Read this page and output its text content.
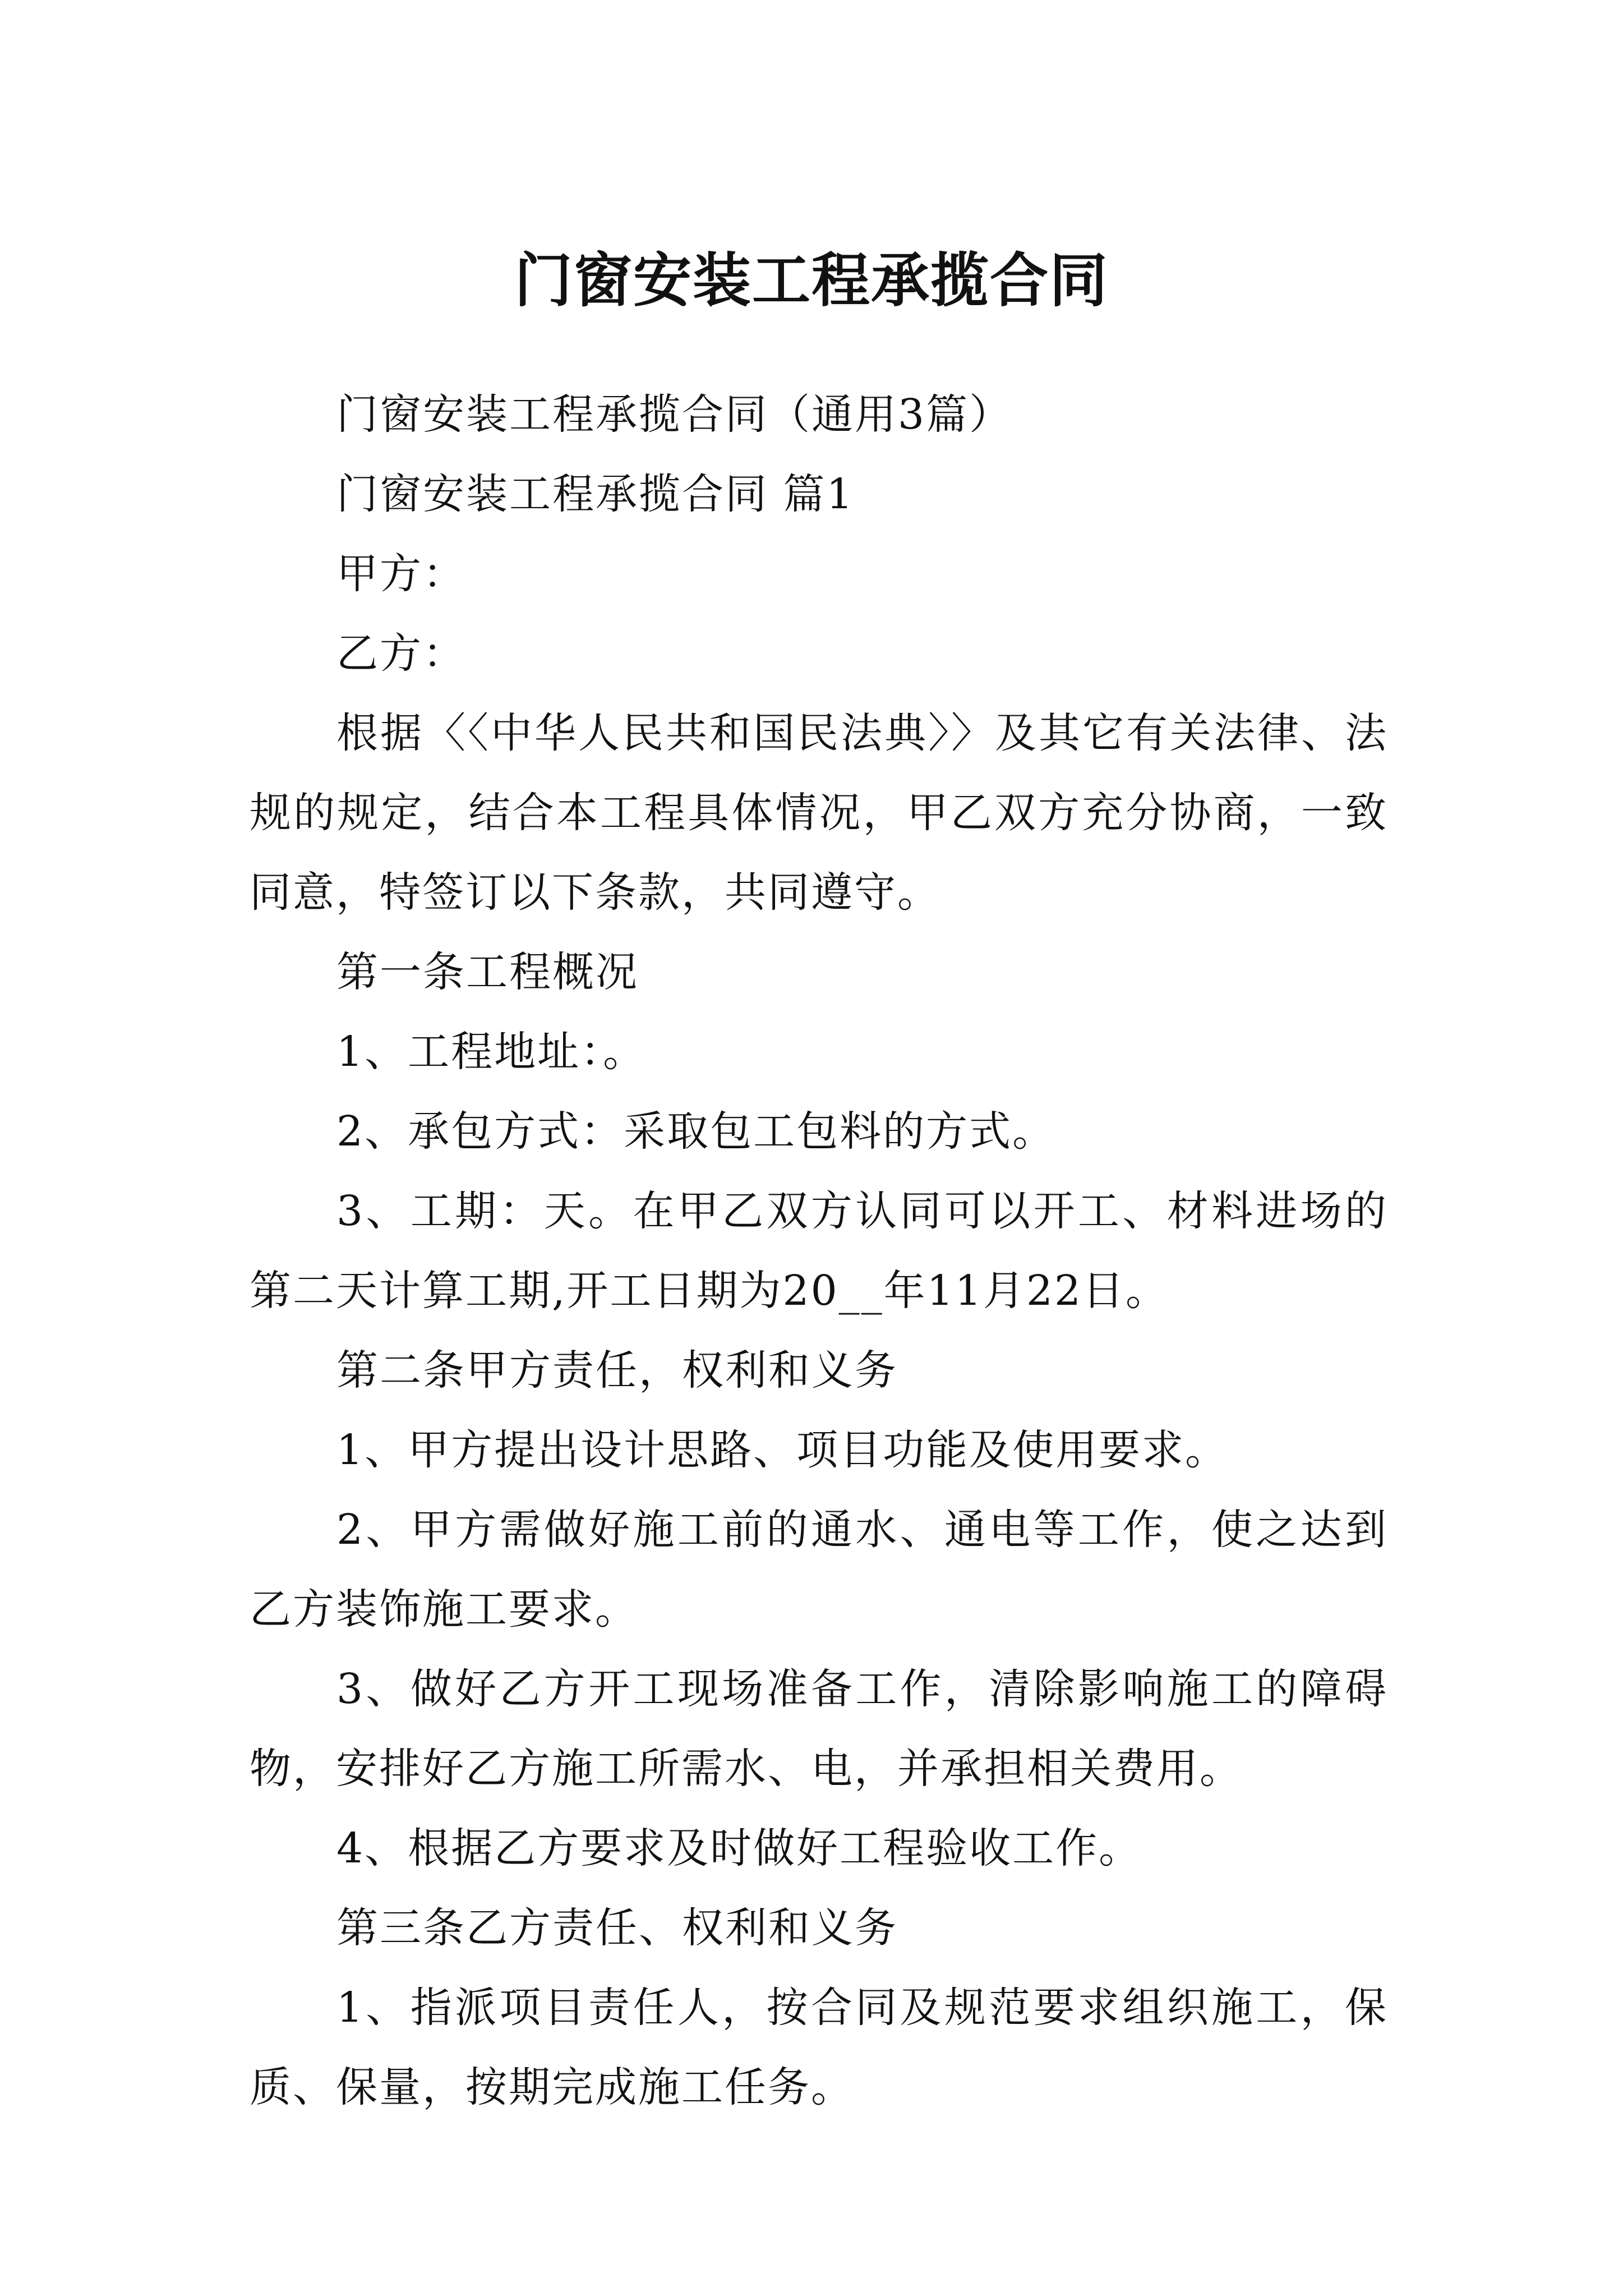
门窗安装工程承揽合同

门窗安装工程承揽合同（通用3篇）

门窗安装工程承揽合同 篇1

甲方：

乙方：

根据〈〈中华人民共和国民法典〉〉及其它有关法律、法规的规定，结合本工程具体情况，甲乙双方充分协商，一致同意，特签订以下条款，共同遵守。

第一条工程概况

1、工程地址：。

2、承包方式：采取包工包料的方式。

3、工期：天。在甲乙双方认同可以开工、材料进场的第二天计算工期,开工日期为20__年11月22日。

第二条甲方责任，权利和义务

1、甲方提出设计思路、项目功能及使用要求。

2、甲方需做好施工前的通水、通电等工作，使之达到乙方装饰施工要求。

3、做好乙方开工现场准备工作，清除影响施工的障碍物，安排好乙方施工所需水、电，并承担相关费用。

4、根据乙方要求及时做好工程验收工作。

第三条乙方责任、权利和义务

1、指派项目责任人，按合同及规范要求组织施工，保质、保量，按期完成施工任务。
